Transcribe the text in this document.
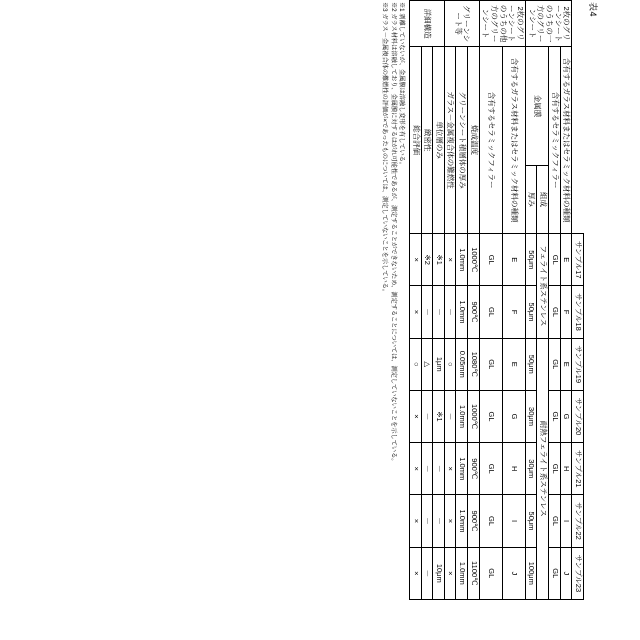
表4
				サンプル17	サンプル18	サンプル19	サンプル20	サンプル21	サンプル22	サンプル23
2枚のグリーンシートのうちの一方のグリーンシート	含有するガラス材料またはセラミック材料の種類			E	F	E	G	H	I	J
	含有するセラミックフィラー			GL	GL	GL	GL	GL	GL	GL
	金属膜	組成		フェライト系ステンレス		耐熱フェライト系ステンレス				
		厚み		50μm	50μm	50μm	30μm	30μm	50μm	100μm
2枚のグリーンシートのうちの他方のグリーンシート	含有するガラス材料またはセラミック材料の種類			E	F	E	G	H	I	J
	含有するセラミックフィラー			GL	GL	GL	GL	GL	GL	GL
グリーンシート等	焼成温度			1000℃	900℃	1080℃	1000℃	900℃	900℃	1100℃
	グリーンシート積層体の厚み			1.0mm	1.0mm	0.05mm	1.0mm	1.0mm	1.0mm	1.0mm
	ガラス－金属複合体の難燃性			×	－	○	－	×	×	×
詳細構造	単位層のみ			※1	－	1μm	※1	－	－	10μm
	緻密性			※2	－	△	－	－	－	－
	総合評価			×	×	○	×	×	×	×
※1 剥離していないが、金属膜は溶融し変形を有している。
※2 ガラス材料は溶融しており、金属膜に対するはがれ可能性であるが、測定することができないため、測定することについては、測定していないことを示している。
※3 ガラス－金属複合体の難燃性の評価が×であったものについては、測定していないことを示している。
